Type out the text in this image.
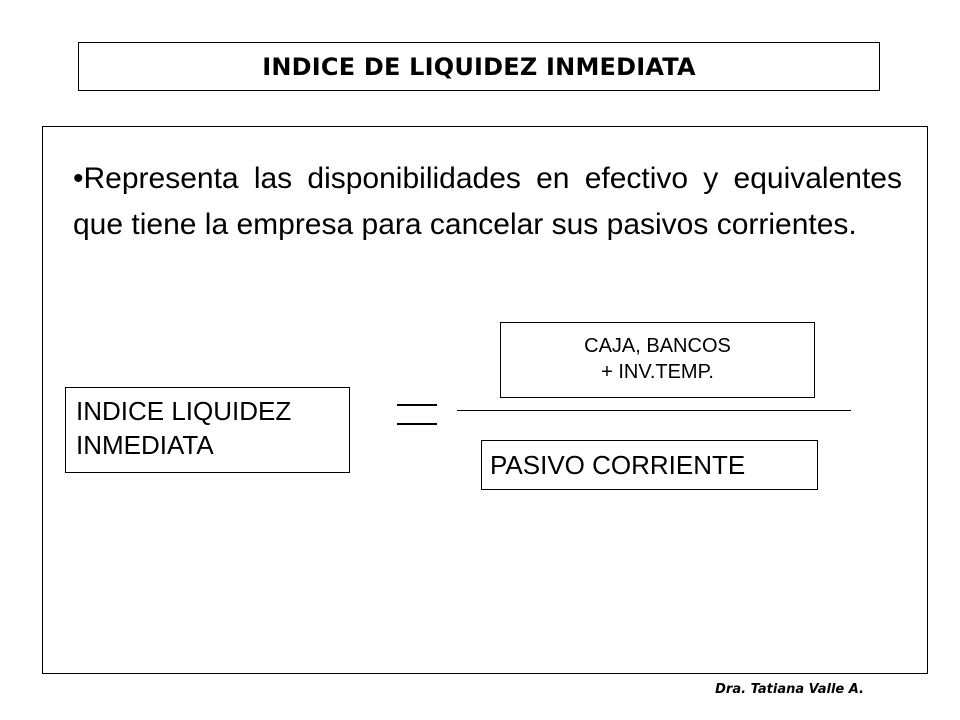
INDICE DE LIQUIDEZ INMEDIATA
•Representa las disponibilidades en efectivo y equivalentes que tiene la empresa para cancelar sus pasivos corrientes.
INDICE LIQUIDEZ
INMEDIATA
CAJA, BANCOS
+ INV.TEMP.
PASIVO CORRIENTE
Dra. Tatiana Valle A.
